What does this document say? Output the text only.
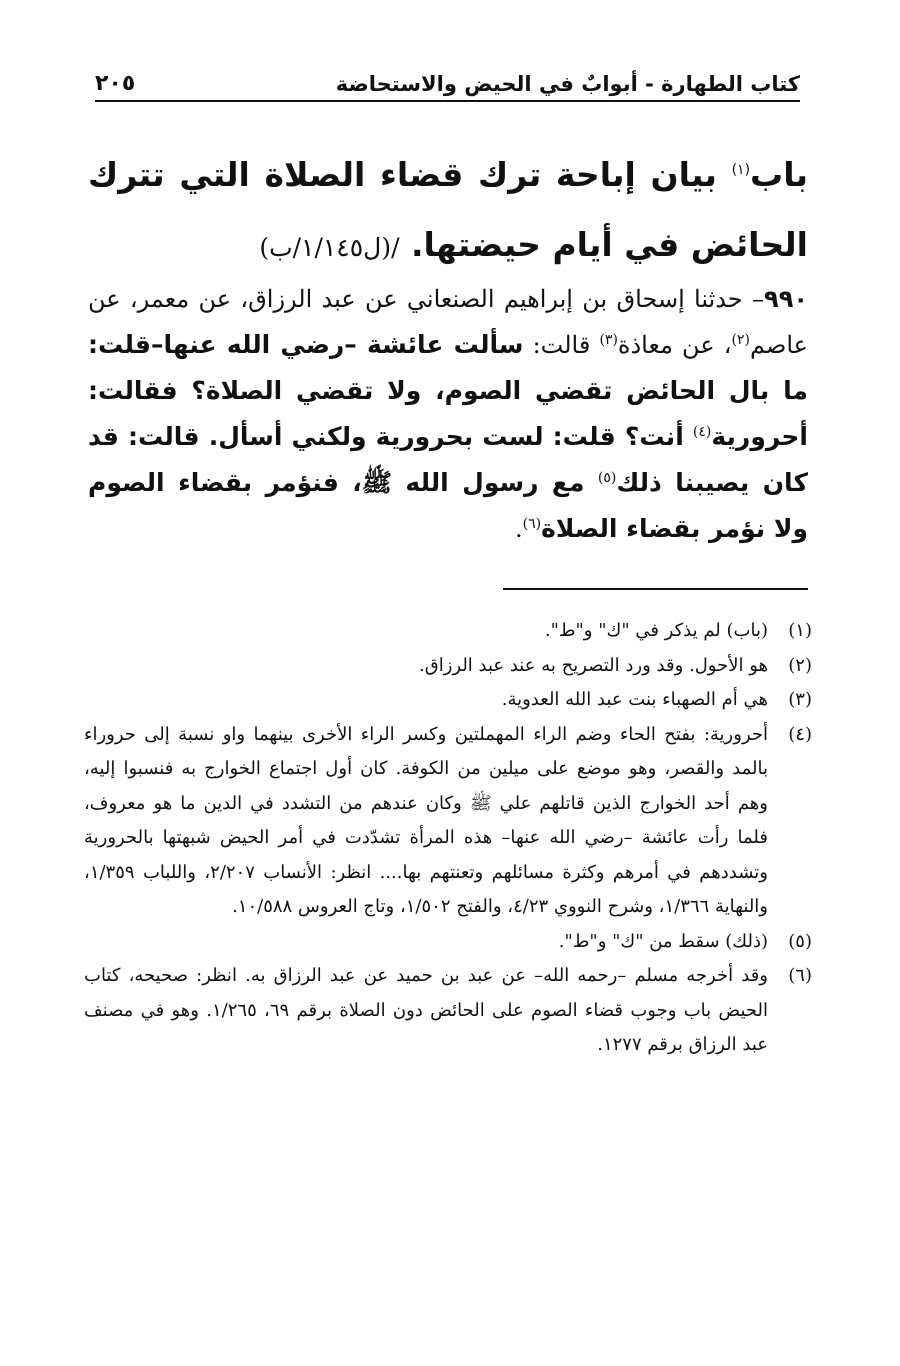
كتاب الطهارة - أبوابٌ في الحيض والاستحاضة
٢٠٥
باب$^{(١)}$ بيان إباحة ترك قضاء الصلاة التي تترك الحائض في أيام حيضتها. /(ل١/١٤٥/ب)
٩٩٠– حدثنا إسحاق بن إبراهيم الصنعاني عن عبد الرزاق، عن معمر، عن عاصم$^{(٢)}$، عن معاذة$^{(٣)}$ قالت: سألت عائشة –رضي الله عنها–قلت: ما بال الحائض تقضي الصوم، ولا تقضي الصلاة؟ فقالت: أحرورية$^{(٤)}$ أنت؟ قلت: لست بحرورية ولكني أسأل. قالت: قد كان يصيبنا ذلك$^{(٥)}$ مع رسول الله ﷺ، فنؤمر بقضاء الصوم ولا نؤمر بقضاء الصلاة$^{(٦)}$.
(١)
(باب) لم يذكر في "ك" و"ط".
(٢)
هو الأحول. وقد ورد التصريح به عند عبد الرزاق.
(٣)
هي أم الصهباء بنت عبد الله العدوية.
(٤)
أحرورية: بفتح الحاء وضم الراء المهملتين وكسر الراء الأخرى بينهما واو نسبة إلى حروراء بالمد والقصر، وهو موضع على ميلين من الكوفة. كان أول اجتماع الخوارج به فنسبوا إليه، وهم أحد الخوارج الذين قاتلهم علي ﷺ وكان عندهم من التشدد في الدين ما هو معروف، فلما رأت عائشة –رضي الله عنها– هذه المرأة تشدّدت في أمر الحيض شبهتها بالحرورية وتشددهم في أمرهم وكثرة مسائلهم وتعنتهم بها.... انظر: الأنساب ٢/٢٠٧، واللباب ١/٣٥٩، والنهاية ١/٣٦٦، وشرح النووي ٤/٢٣، والفتح ١/٥٠٢، وتاج العروس ١٠/٥٨٨.
(٥)
(ذلك) سقط من "ك" و"ط".
(٦)
وقد أخرجه مسلم –رحمه الله– عن عبد بن حميد عن عبد الرزاق به. انظر: صحيحه، كتاب الحيض باب وجوب قضاء الصوم على الحائض دون الصلاة برقم ٦٩، ١/٢٦٥. وهو في مصنف عبد الرزاق برقم ١٢٧٧.
